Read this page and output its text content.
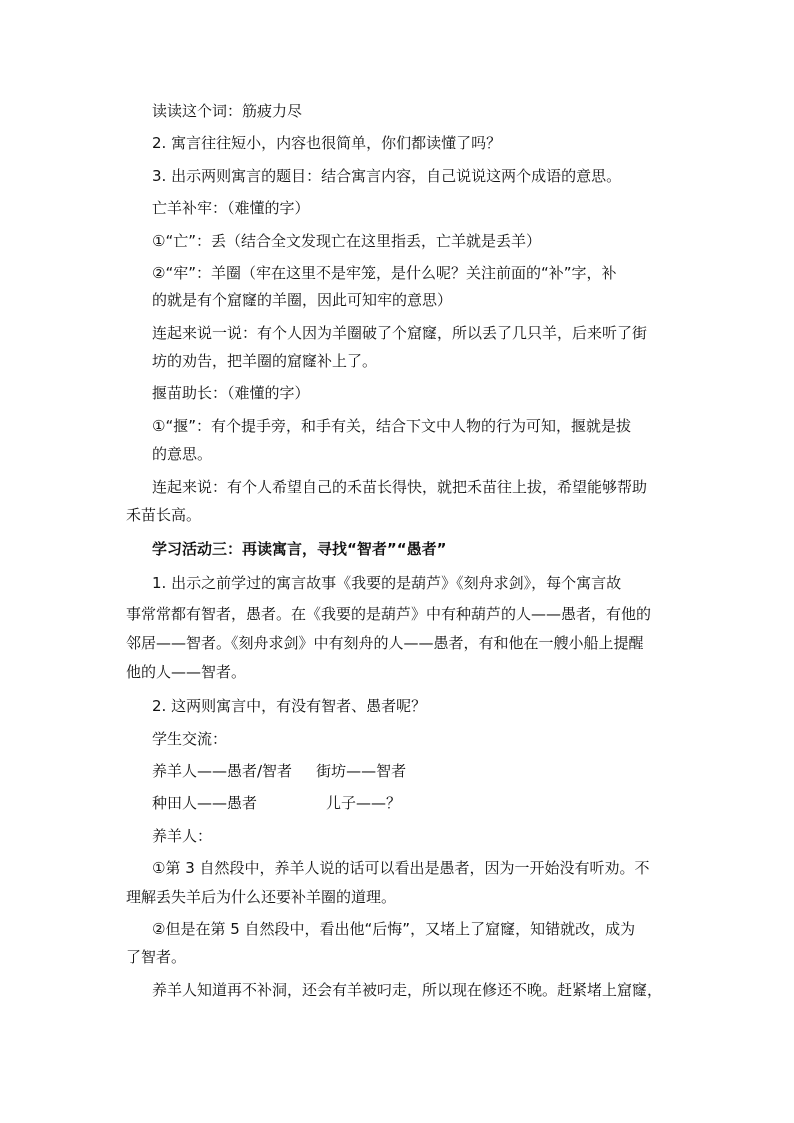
读读这个词：筋疲力尽
2. 寓言往往短小，内容也很简单，你们都读懂了吗？
3. 出示两则寓言的题目：结合寓言内容，自己说说这两个成语的意思。
亡羊补牢：（难懂的字）
①“亡”：丢（结合全文发现亡在这里指丢，亡羊就是丢羊）
②“牢”：羊圈（牢在这里不是牢笼，是什么呢？关注前面的“补”字，补
的就是有个窟窿的羊圈，因此可知牢的意思）
连起来说一说：有个人因为羊圈破了个窟窿，所以丢了几只羊，后来听了街
坊的劝告，把羊圈的窟窿补上了。
揠苗助长：（难懂的字）
①“揠”：有个提手旁，和手有关，结合下文中人物的行为可知，揠就是拔
的意思。
连起来说：有个人希望自己的禾苗长得快，就把禾苗往上拔，希望能够帮助
禾苗长高。
学习活动三：再读寓言，寻找“智者”“愚者”
1. 出示之前学过的寓言故事《我要的是葫芦》《刻舟求剑》，每个寓言故
事常常都有智者，愚者。在《我要的是葫芦》中有种葫芦的人——愚者，有他的
邻居——智者。《刻舟求剑》中有刻舟的人——愚者，有和他在一艘小船上提醒
他的人——智者。
2. 这两则寓言中，有没有智者、愚者呢？
学生交流：
养羊人——愚者/智者 街坊——智者
种田人——愚者	儿子——？
养羊人：
①第 3 自然段中，养羊人说的话可以看出是愚者，因为一开始没有听劝。不
理解丢失羊后为什么还要补羊圈的道理。
②但是在第 5 自然段中，看出他“后悔”，又堵上了窟窿，知错就改，成为
了智者。
养羊人知道再不补洞，还会有羊被叼走，所以现在修还不晚。赶紧堵上窟窿，
